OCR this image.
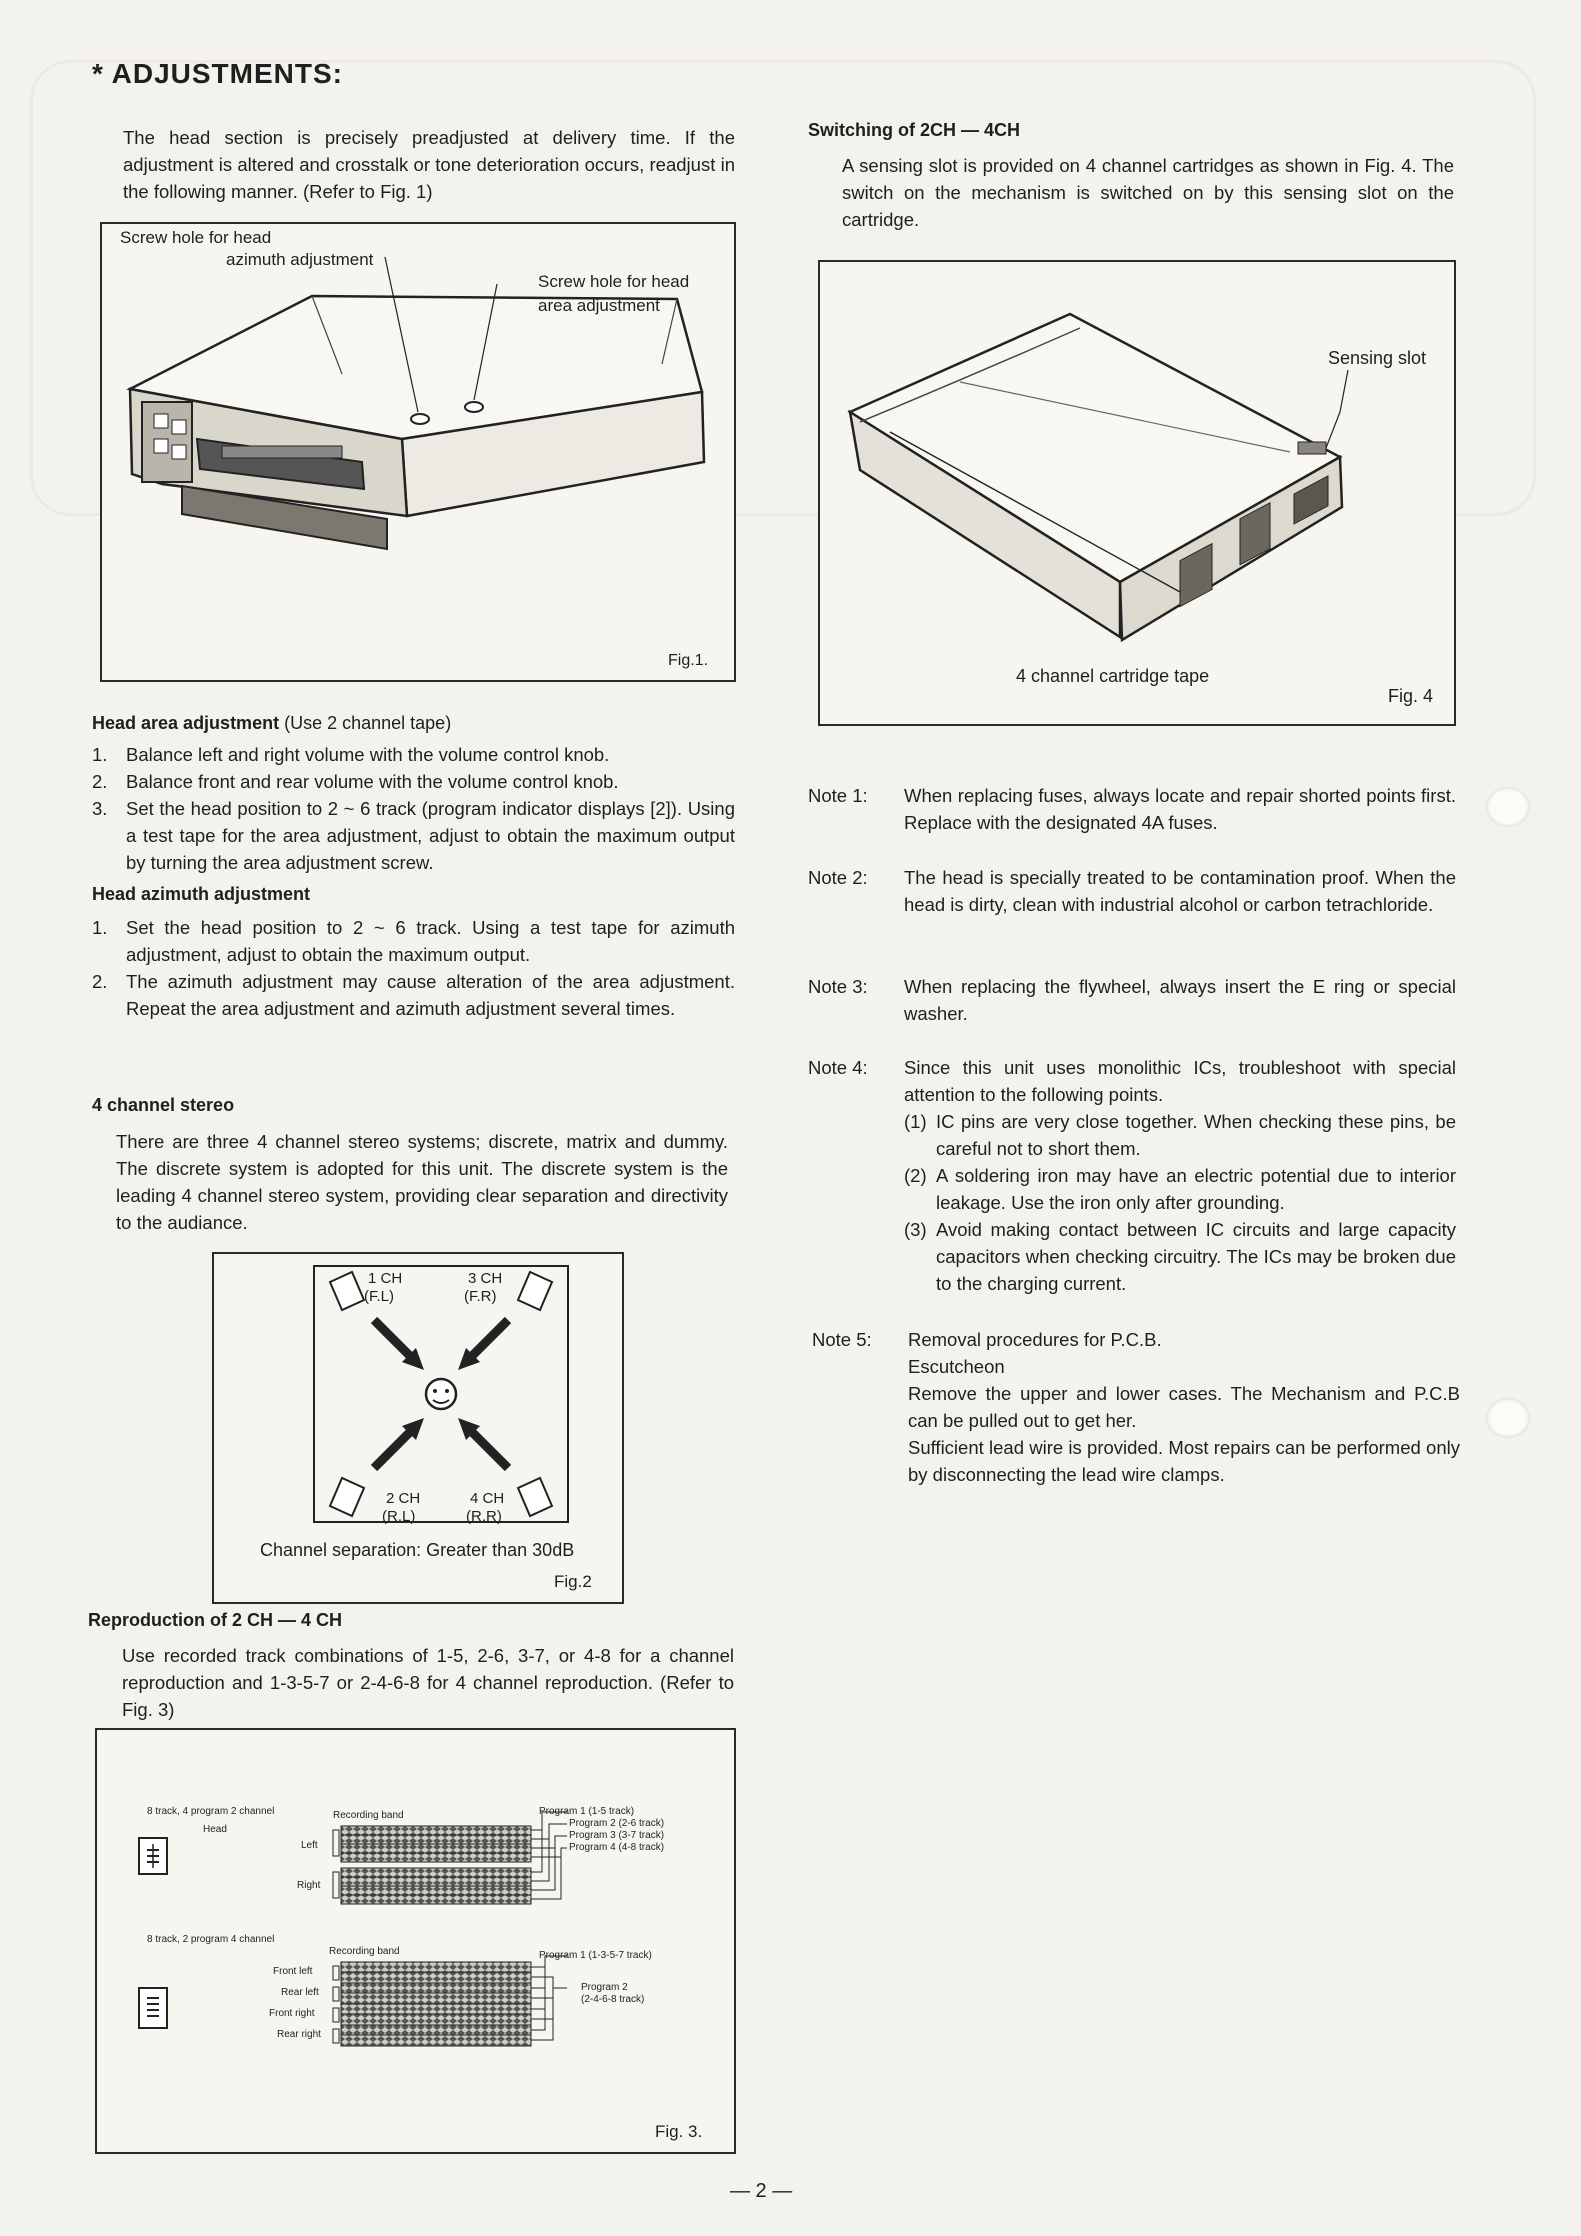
* ADJUSTMENTS:
The head section is precisely preadjusted at delivery time. If the adjustment is altered and crosstalk or tone deterioration occurs, readjust in the following manner. (Refer to Fig. 1)
Screw hole for head
azimuth adjustment
Screw hole for head
area adjustment
Fig.1.
Head area adjustment (Use 2 channel tape)
1. Balance left and right volume with the volume control knob.
2. Balance front and rear volume with the volume control knob.
3. Set the head position to 2 ~ 6 track (program indicator displays [2]). Using a test tape for the area adjustment, adjust to obtain the maximum output by turning the area adjustment screw.
Head azimuth adjustment
1. Set the head position to 2 ~ 6 track. Using a test tape for azimuth adjustment, adjust to obtain the maximum output.
2. The azimuth adjustment may cause alteration of the area adjustment. Repeat the area adjustment and azimuth adjustment several times.
4 channel stereo
There are three 4 channel stereo systems; discrete, matrix and dummy. The discrete system is adopted for this unit. The discrete system is the leading 4 channel stereo system, providing clear separation and directivity to the audiance.
1 CH
(F.L)
3 CH
(F.R)
2 CH
(R.L)
4 CH
(R.R)
Channel separation: Greater than 30dB
Fig.2
Reproduction of 2 CH — 4 CH
Use recorded track combinations of 1-5, 2-6, 3-7, or 4-8 for a channel reproduction and 1-3-5-7 or 2-4-6-8 for 4 channel reproduction. (Refer to Fig. 3)
8 track, 4 program 2 channel
Head
Recording band
Left
Right
Program 1 (1-5 track)
Program 2 (2-6 track)
Program 3 (3-7 track)
Program 4 (4-8 track)
8 track, 2 program 4 channel
Recording band
Front left
Rear left
Front right
Rear right
Program 1 (1-3-5-7 track)
Program 2
(2-4-6-8 track)
Fig. 3.
Switching of 2CH — 4CH
A sensing slot is provided on 4 channel cartridges as shown in Fig. 4. The switch on the mechanism is switched on by this sensing slot on the cartridge.
Sensing slot
4 channel cartridge tape
Fig. 4
Note 1:	When replacing fuses, always locate and repair shorted points first. Replace with the designated 4A fuses.
Note 2:	The head is specially treated to be contamination proof. When the head is dirty, clean with industrial alcohol or carbon tetrachloride.
Note 3:	When replacing the flywheel, always insert the E ring or special washer.
Note 4:	Since this unit uses monolithic ICs, troubleshoot with special attention to the following points.
(1) IC pins are very close together. When checking these pins, be careful not to short them.
(2) A soldering iron may have an electric potential due to interior leakage. Use the iron only after grounding.
(3) Avoid making contact between IC circuits and large capacity capacitors when checking circuitry. The ICs may be broken due to the charging current.
Note 5:	Removal procedures for P.C.B.
Escutcheon
Remove the upper and lower cases. The Mechanism and P.C.B can be pulled out to get her.
Sufficient lead wire is provided. Most repairs can be performed only by disconnecting the lead wire clamps.
— 2 —
